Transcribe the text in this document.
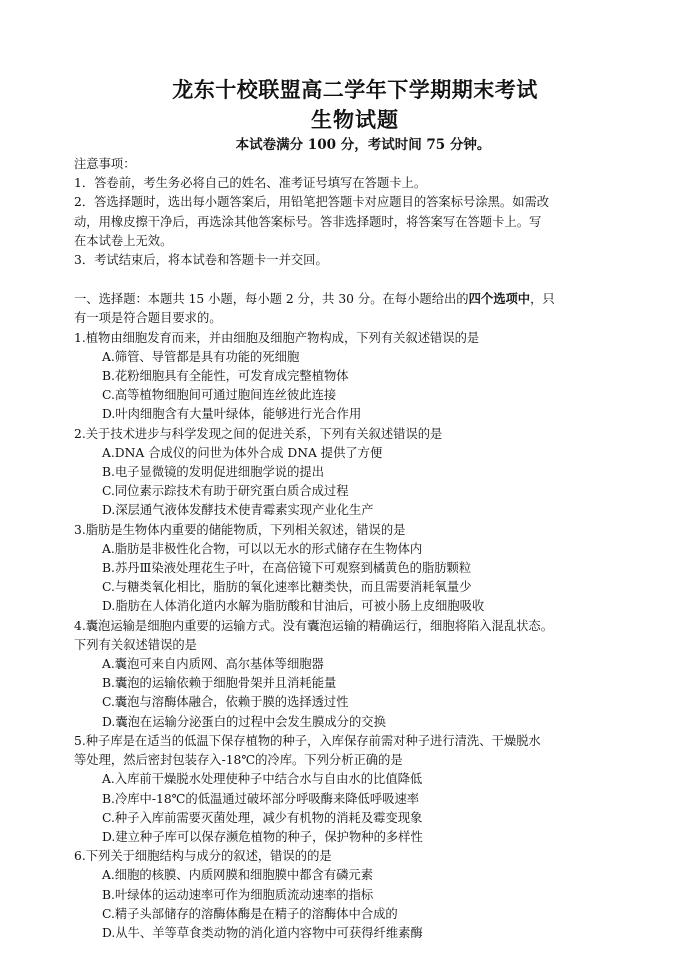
龙东十校联盟高二学年下学期期末考试
生物试题
本试卷满分 100 分，考试时间 75 分钟。
注意事项：
1．答卷前，考生务必将自己的姓名、准考证号填写在答题卡上。
2．答选择题时，选出每小题答案后，用铅笔把答题卡对应题目的答案标号涂黑。如需改
动，用橡皮擦干净后，再选涂其他答案标号。答非选择题时，将答案写在答题卡上。写
在本试卷上无效。
3．考试结束后，将本试卷和答题卡一并交回。
一、选择题：本题共 15 小题，每小题 2 分，共 30 分。在每小题给出的四个选项中，只
有一项是符合题目要求的。
1.植物由细胞发育而来，并由细胞及细胞产物构成，下列有关叙述错误的是
A.筛管、导管都是具有功能的死细胞
B.花粉细胞具有全能性，可发育成完整植物体
C.高等植物细胞间可通过胞间连丝彼此连接
D.叶肉细胞含有大量叶绿体，能够进行光合作用
2.关于技术进步与科学发现之间的促进关系，下列有关叙述错误的是
A.DNA 合成仪的问世为体外合成 DNA 提供了方便
B.电子显微镜的发明促进细胞学说的提出
C.同位素示踪技术有助于研究蛋白质合成过程
D.深层通气液体发酵技术使青霉素实现产业化生产
3.脂肪是生物体内重要的储能物质，下列相关叙述，错误的是
A.脂肪是非极性化合物，可以以无水的形式储存在生物体内
B.苏丹Ⅲ染液处理花生子叶，在高倍镜下可观察到橘黄色的脂肪颗粒
C.与糖类氧化相比，脂肪的氧化速率比糖类快，而且需要消耗氧量少
D.脂肪在人体消化道内水解为脂肪酸和甘油后，可被小肠上皮细胞吸收
4.囊泡运输是细胞内重要的运输方式。没有囊泡运输的精确运行，细胞将陷入混乱状态。
下列有关叙述错误的是
A.囊泡可来自内质网、高尔基体等细胞器
B.囊泡的运输依赖于细胞骨架并且消耗能量
C.囊泡与溶酶体融合，依赖于膜的选择透过性
D.囊泡在运输分泌蛋白的过程中会发生膜成分的交换
5.种子库是在适当的低温下保存植物的种子，入库保存前需对种子进行清洗、干燥脱水
等处理，然后密封包装存入-18℃的冷库。下列分析正确的是
A.入库前干燥脱水处理使种子中结合水与自由水的比值降低
B.冷库中-18℃的低温通过破坏部分呼吸酶来降低呼吸速率
C.种子入库前需要灭菌处理，减少有机物的消耗及霉变现象
D.建立种子库可以保存濒危植物的种子，保护物种的多样性
6.下列关于细胞结构与成分的叙述，错误的的是
A.细胞的核膜、内质网膜和细胞膜中都含有磷元素
B.叶绿体的运动速率可作为细胞质流动速率的指标
C.精子头部储存的溶酶体酶是在精子的溶酶体中合成的
D.从牛、羊等草食类动物的消化道内容物中可获得纤维素酶
